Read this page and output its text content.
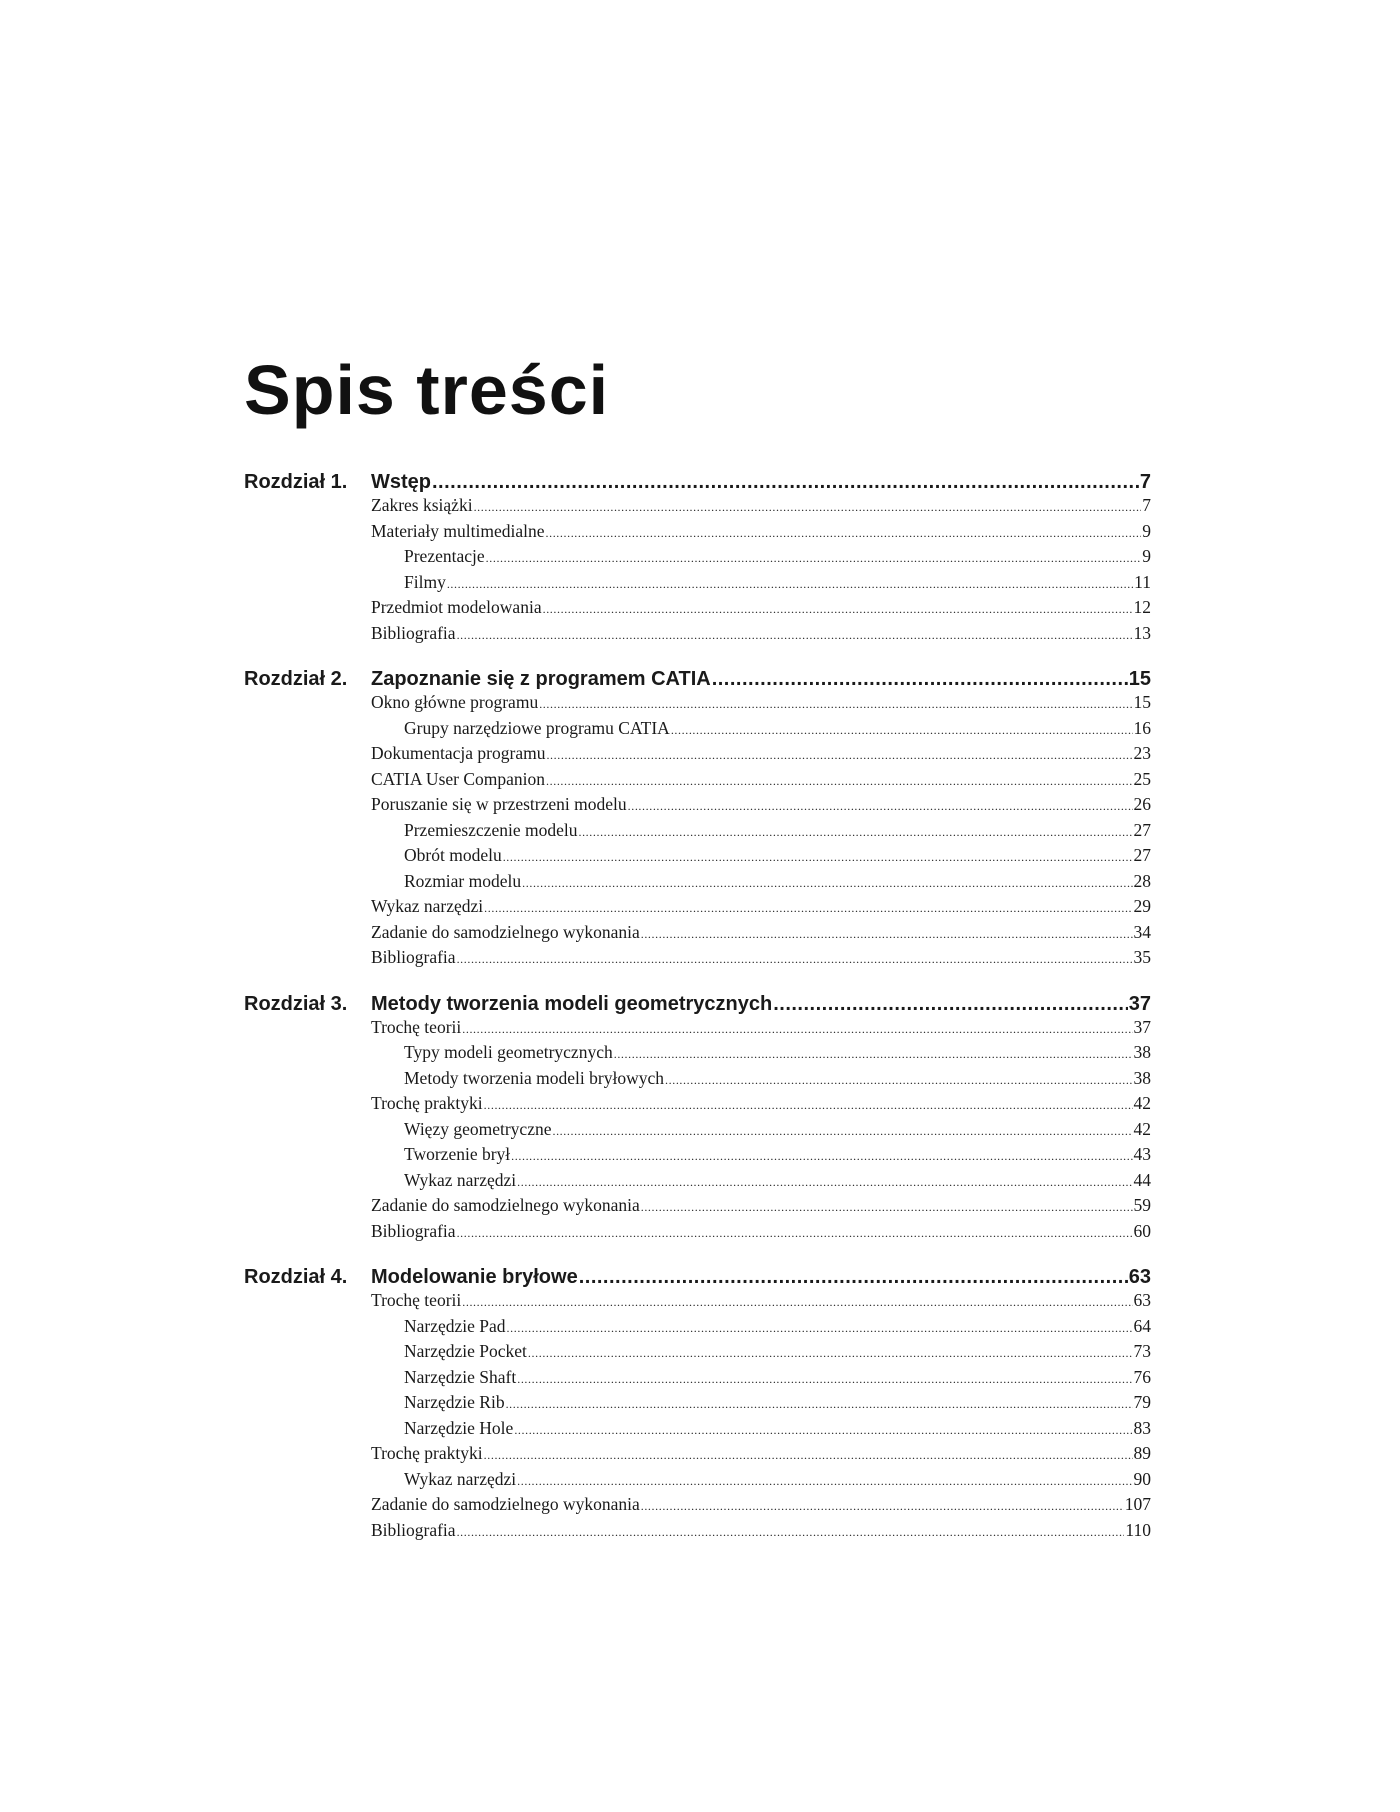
Spis treści
Rozdział 1.	Wstęp .....	7
Zakres książki .....	7
Materiały multimedialne .....	9
Prezentacje .....	9
Filmy .....	11
Przedmiot modelowania .....	12
Bibliografia .....	13
Rozdział 2.	Zapoznanie się z programem CATIA .....	15
Okno główne programu .....	15
Grupy narzędziowe programu CATIA .....	16
Dokumentacja programu .....	23
CATIA User Companion .....	25
Poruszanie się w przestrzeni modelu .....	26
Przemieszczenie modelu .....	27
Obrót modelu .....	27
Rozmiar modelu .....	28
Wykaz narzędzi .....	29
Zadanie do samodzielnego wykonania .....	34
Bibliografia .....	35
Rozdział 3.	Metody tworzenia modeli geometrycznych .....	37
Trochę teorii .....	37
Typy modeli geometrycznych .....	38
Metody tworzenia modeli bryłowych .....	38
Trochę praktyki .....	42
Więzy geometryczne .....	42
Tworzenie brył .....	43
Wykaz narzędzi .....	44
Zadanie do samodzielnego wykonania .....	59
Bibliografia .....	60
Rozdział 4.	Modelowanie bryłowe .....	63
Trochę teorii .....	63
Narzędzie Pad .....	64
Narzędzie Pocket .....	73
Narzędzie Shaft .....	76
Narzędzie Rib .....	79
Narzędzie Hole .....	83
Trochę praktyki .....	89
Wykaz narzędzi .....	90
Zadanie do samodzielnego wykonania .....	107
Bibliografia .....	110
